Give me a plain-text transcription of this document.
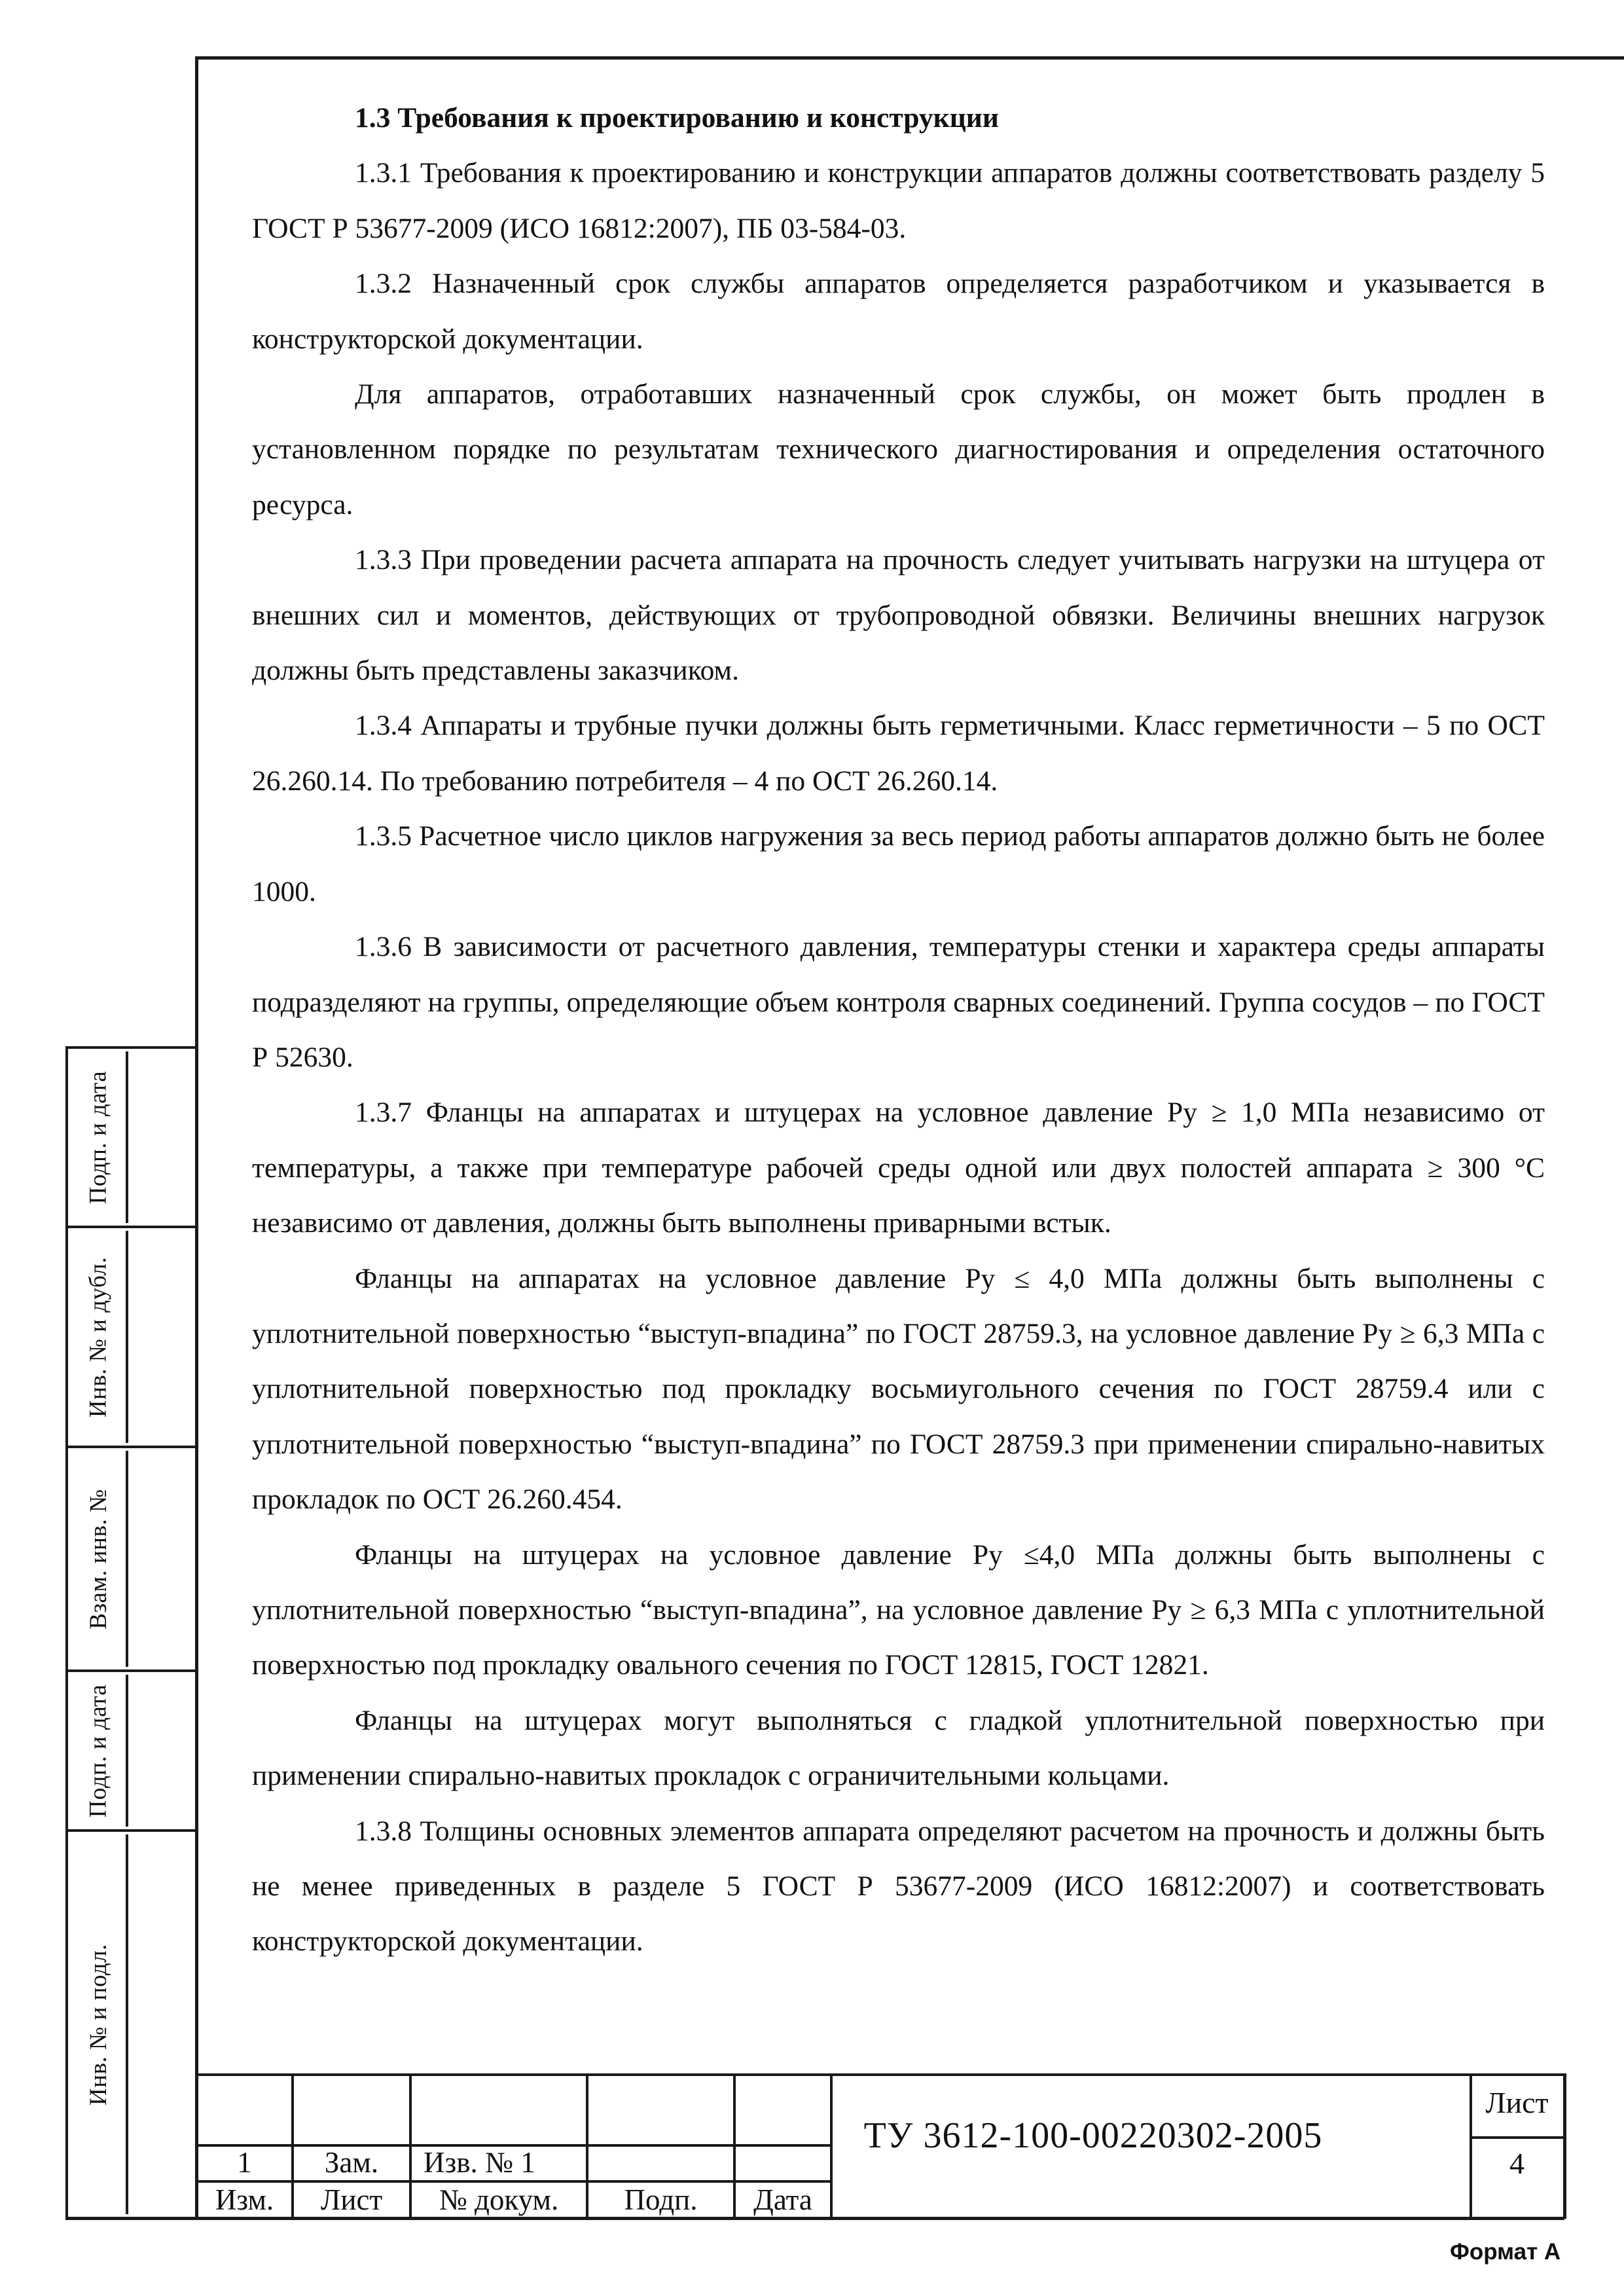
Подп. и дата
Инв. № и дубл.
Взам. инв. №
Подп. и дата
Инв. № и подл.

1.3 Требования к проектированию и конструкции

1.3.1 Требования к проектированию и конструкции аппаратов должны соответствовать разделу 5 ГОСТ Р 53677-2009 (ИСО 16812:2007), ПБ 03-584-03.

1.3.2 Назначенный срок службы аппаратов определяется разработчиком и указывается в конструкторской документации.

Для аппаратов, отработавших назначенный срок службы, он может быть продлен в установленном порядке по результатам технического диагностирования и определения остаточного ресурса.

1.3.3 При проведении расчета аппарата на прочность следует учитывать нагрузки на штуцера от внешних сил и моментов, действующих от трубопроводной обвязки. Величины внешних нагрузок должны быть представлены заказчиком.

1.3.4 Аппараты и трубные пучки должны быть герметичными. Класс герметичности – 5 по ОСТ 26.260.14. По требованию потребителя – 4 по ОСТ 26.260.14.

1.3.5 Расчетное число циклов нагружения за весь период работы аппаратов должно быть не более 1000.

1.3.6 В зависимости от расчетного давления, температуры стенки и характера среды аппараты подразделяют на группы, определяющие объем контроля сварных соединений. Группа сосудов – по ГОСТ Р 52630.

1.3.7 Фланцы на аппаратах и штуцерах на условное давление Ру ≥ 1,0 МПа независимо от температуры, а также при температуре рабочей среды одной или двух полостей аппарата ≥ 300 °С независимо от давления, должны быть выполнены приварными встык.

Фланцы на аппаратах на условное давление Ру ≤ 4,0 МПа должны быть выполнены с уплотнительной поверхностью “выступ-впадина” по ГОСТ 28759.3, на условное давление Ру ≥ 6,3 МПа с уплотнительной поверхностью под прокладку восьмиугольного сечения по ГОСТ 28759.4 или с уплотнительной поверхностью “выступ-впадина” по ГОСТ 28759.3 при применении спирально-навитых прокладок по ОСТ 26.260.454.

Фланцы на штуцерах на условное давление Ру ≤4,0 МПа должны быть выполнены с уплотнительной поверхностью “выступ-впадина”, на условное давление Ру ≥ 6,3 МПа с уплотнительной поверхностью под прокладку овального сечения по ГОСТ 12815, ГОСТ 12821.

Фланцы на штуцерах могут выполняться с гладкой уплотнительной поверхностью при применении спирально-навитых прокладок с ограничительными кольцами.

1.3.8 Толщины основных элементов аппарата определяют расчетом на прочность и должны быть не менее приведенных в разделе 5 ГОСТ Р 53677-2009 (ИСО 16812:2007) и соответствовать конструкторской документации.

1	Зам.	Изв. № 1
Изм.	Лист	№ докум.	Подп.	Дата
ТУ 3612-100-00220302-2005
Лист
4
Формат А
